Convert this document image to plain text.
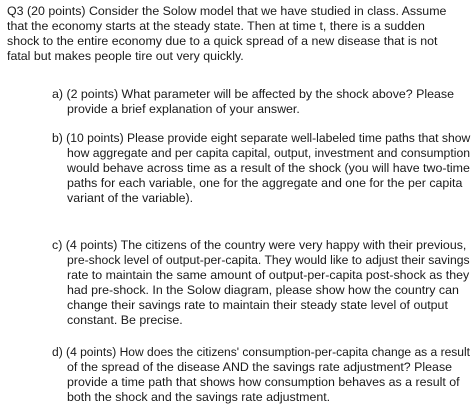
Q3 (20 points) Consider the Solow model that we have studied in class. Assume
that the economy starts at the steady state. Then at time t, there is a sudden
shock to the entire economy due to a quick spread of a new disease that is not
fatal but makes people tire out very quickly.
a) (2 points) What parameter will be affected by the shock above? Please
provide a brief explanation of your answer.
b) (10 points) Please provide eight separate well-labeled time paths that show
how aggregate and per capita capital, output, investment and consumption
would behave across time as a result of the shock (you will have two-time
paths for each variable, one for the aggregate and one for the per capita
variant of the variable).
c) (4 points) The citizens of the country were very happy with their previous,
pre-shock level of output-per-capita. They would like to adjust their savings
rate to maintain the same amount of output-per-capita post-shock as they
had pre-shock. In the Solow diagram, please show how the country can
change their savings rate to maintain their steady state level of output
constant. Be precise.
d) (4 points) How does the citizens' consumption-per-capita change as a result
of the spread of the disease AND the savings rate adjustment? Please
provide a time path that shows how consumption behaves as a result of
both the shock and the savings rate adjustment.
